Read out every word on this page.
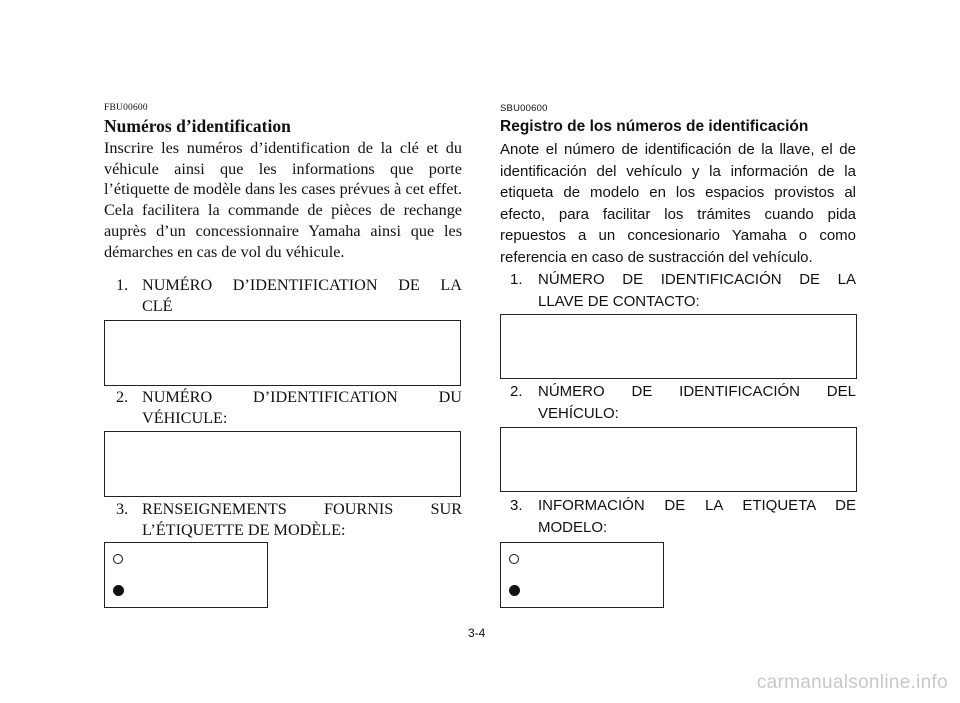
FBU00600
Numéros d’identification
Inscrire les numéros d’identification de la clé et du véhicule ainsi que les informations que porte l’étiquette de modèle dans les cases prévues à cet effet. Cela facilitera la commande de pièces de rechange auprès d’un concessionnaire Yamaha ainsi que les démarches en cas de vol du véhicule.
1. NUMÉRO D’IDENTIFICATION DE LA
CLÉ
2. NUMÉRO D’IDENTIFICATION DU
VÉHICULE:
3. RENSEIGNEMENTS FOURNIS SUR
L’ÉTIQUETTE DE MODÈLE:
SBU00600
Registro de los números de identificación
Anote el número de identificación de la llave, el de identificación del vehículo y la información de la etiqueta de modelo en los espacios provistos al efecto, para facilitar los trámites cuando pida repuestos a un concesionario Yamaha o como referencia en caso de sustracción del vehículo.
1.	NÚMERO DE IDENTIFICACIÓN DE LA
LLAVE DE CONTACTO:
2.	NÚMERO DE IDENTIFICACIÓN DEL
VEHÍCULO:
3.	INFORMACIÓN DE LA ETIQUETA DE
MODELO:
3-4
carmanualsonline.info
